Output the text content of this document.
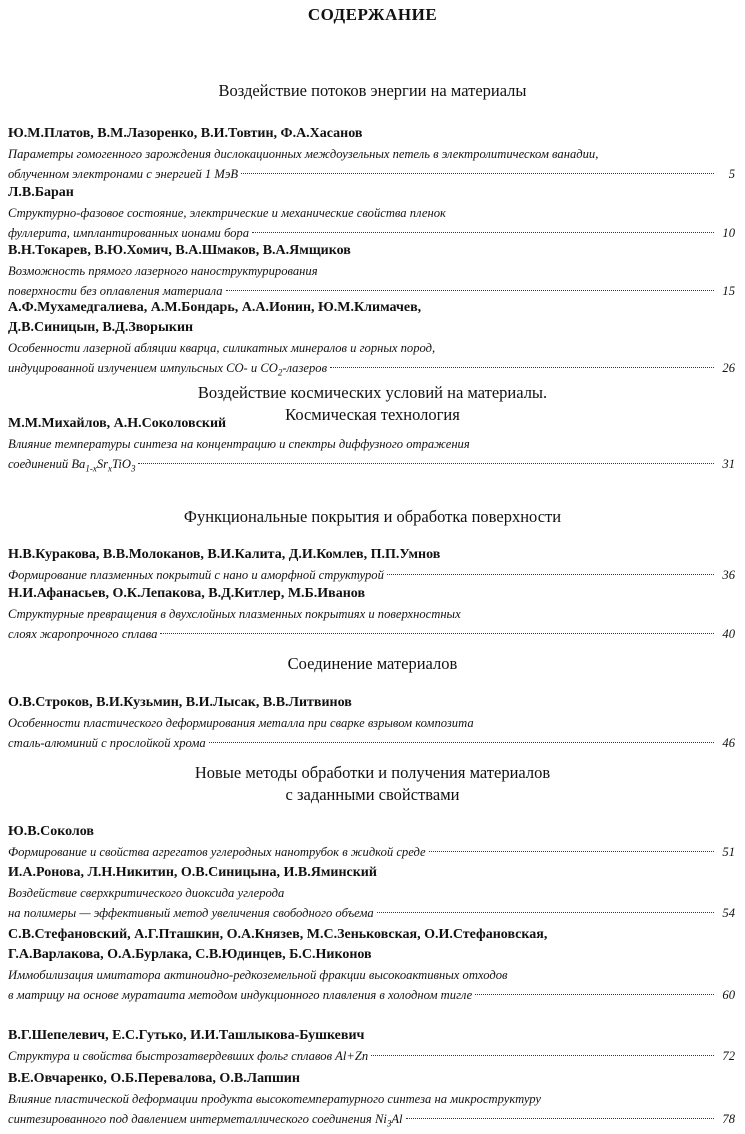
СОДЕРЖАНИЕ
Воздействие потоков энергии на материалы
Воздействие космических условий на материалы.
Космическая технология
Функциональные покрытия и обработка поверхности
Соединение материалов
Новые методы обработки и получения материалов
с заданными свойствами
Ю.М.Платов, В.М.Лазоренко, В.И.Товтин, Ф.А.Хасанов
Параметры гомогенного зарождения дислокационных междоузельных петель в электролитическом ванадии,
облученном электронами с энергией 1 МэВ	5
Л.В.Баран
Структурно-фазовое состояние, электрические и механические свойства пленок
фуллерита, имплантированных ионами бора	10
В.Н.Токарев, В.Ю.Хомич, В.А.Шмаков, В.А.Ямщиков
Возможность прямого лазерного наноструктурирования
поверхности без оплавления материала	15
А.Ф.Мухамедгалиева, А.М.Бондарь, А.А.Ионин, Ю.М.Климачев,
Д.В.Синицын, В.Д.Зворыкин
Особенности лазерной абляции кварца, силикатных минералов и горных пород,
индуцированной излучением импульсных CO- и $CO_2$-лазеров	26
М.М.Михайлов, А.Н.Соколовский
Влияние температуры синтеза на концентрацию и спектры диффузного отражения
соединений $Ba_{1-x}Sr_xTiO_3$	31
Н.В.Куракова, В.В.Молоканов, В.И.Калита, Д.И.Комлев, П.П.Умнов
Формирование плазменных покрытий с нано и аморфной структурой	36
Н.И.Афанасьев, О.К.Лепакова, В.Д.Китлер, М.Б.Иванов
Структурные превращения в двухслойных плазменных покрытиях и поверхностных
слоях жаропрочного сплава	40
О.В.Строков, В.И.Кузьмин, В.И.Лысак, В.В.Литвинов
Особенности пластического деформирования металла при сварке взрывом композита
сталь-алюминий с прослойкой хрома	46
Ю.В.Соколов
Формирование и свойства агрегатов углеродных нанотрубок в жидкой среде	51
И.А.Ронова, Л.Н.Никитин, О.В.Синицына, И.В.Яминский
Воздействие сверхкритического диоксида углерода
на полимеры — эффективный метод увеличения свободного объема	54
С.В.Стефановский, А.Г.Пташкин, О.А.Князев, М.С.Зеньковская, О.И.Стефановская,
Г.А.Варлакова, О.А.Бурлака, С.В.Юдинцев, Б.С.Никонов
Иммобилизация имитатора актиноидно-редкоземельной фракции высокоактивных отходов
в матрицу на основе муратаита методом индукционного плавления в холодном тигле	60
В.Г.Шепелевич, Е.С.Гутько, И.И.Ташлыкова-Бушкевич
Структура и свойства быстрозатвердевших фольг сплавов Al+Zn	72
В.Е.Овчаренко, О.Б.Перевалова, О.В.Лапшин
Влияние пластической деформации продукта высокотемпературного синтеза на микроструктуру
синтезированного под давлением интерметаллического соединения $Ni_3Al$	78
